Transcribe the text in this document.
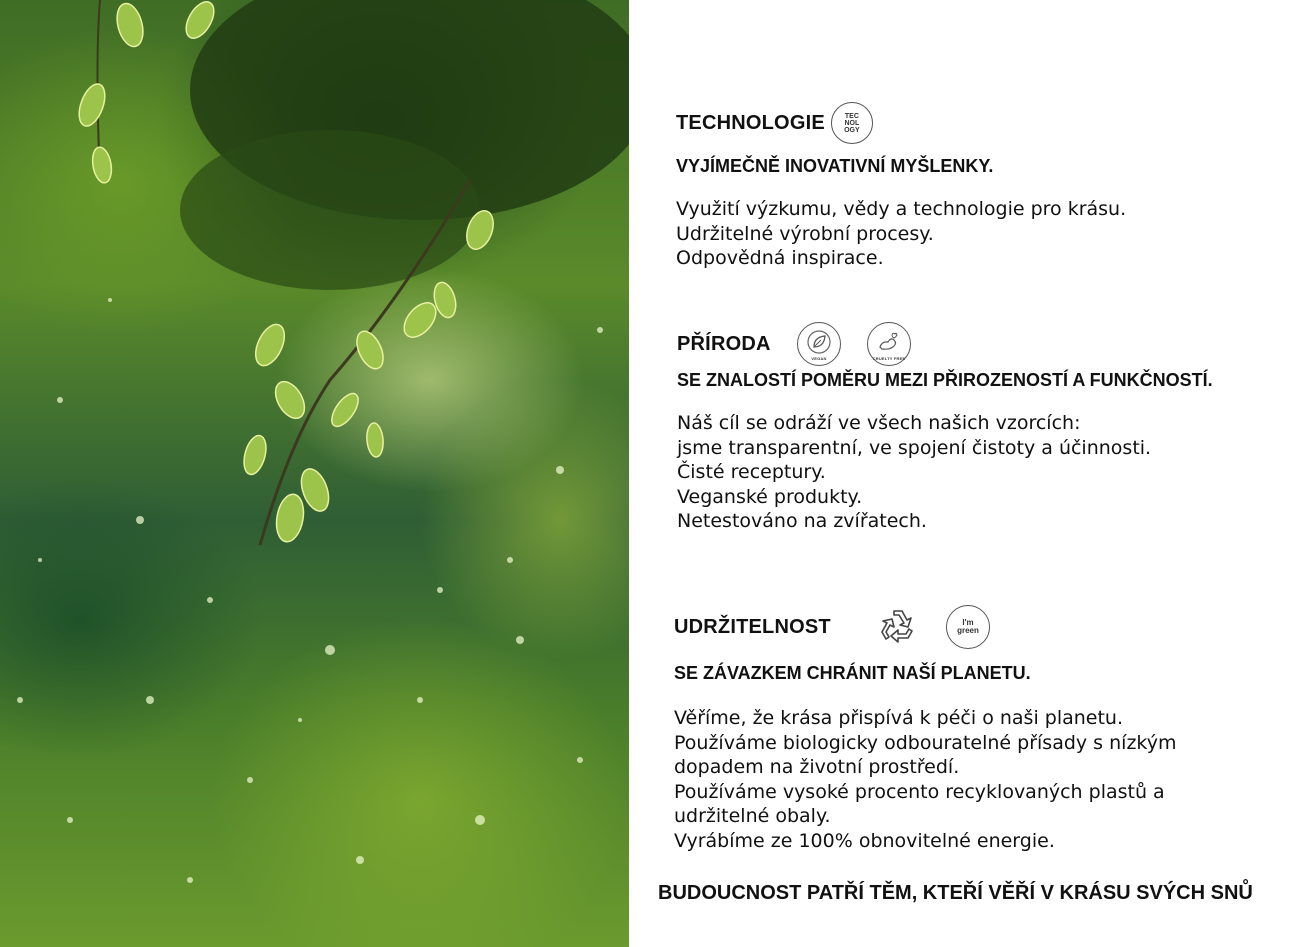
TECHNOLOGIE	TEC
NOL
OGY
VYJÍMEČNĚ INOVATIVNÍ MYŠLENKY.
Využití výzkumu, vědy a technologie pro krásu.
Udržitelné výrobní procesy.
Odpovědná inspirace.
PŘÍRODA
VEGAN	CRUELTY FREE
SE ZNALOSTÍ POMĚRU MEZI PŘIROZENOSTÍ A FUNKČNOSTÍ.
Náš cíl se odráží ve všech našich vzorcích:
jsme transparentní, ve spojení čistoty a účinnosti.
Čisté receptury.
Veganské produkty.
Netestováno na zvířatech.
UDRŽITELNOST	I'm
green
SE ZÁVAZKEM CHRÁNIT NAŠÍ PLANETU.
Věříme, že krása přispívá k péči o naši planetu.
Používáme biologicky odbouratelné přísady s nízkým
dopadem na životní prostředí.
Používáme vysoké procento recyklovaných plastů a
udržitelné obaly.
Vyrábíme ze 100% obnovitelné energie.
BUDOUCNOST PATŘÍ TĚM, KTEŘÍ VĚŘÍ V KRÁSU SVÝCH SNŮ
